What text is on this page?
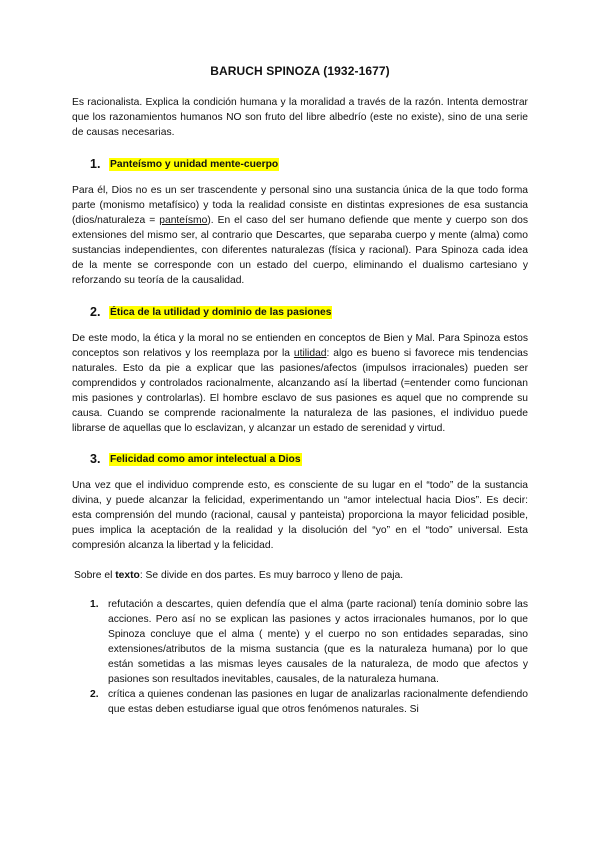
BARUCH SPINOZA (1932-1677)

Es racionalista. Explica la condición humana y la moralidad a través de la razón. Intenta demostrar que los razonamientos humanos NO son fruto del libre albedrío (este no existe), sino de una serie de causas necesarias.

1. Panteísmo y unidad mente-cuerpo

Para él, Dios no es un ser trascendente y personal sino una sustancia única de la que todo forma parte (monismo metafísico) y toda la realidad consiste en distintas expresiones de esa sustancia (dios/naturaleza = panteísmo). En el caso del ser humano defiende que mente y cuerpo son dos extensiones del mismo ser, al contrario que Descartes, que separaba cuerpo y mente (alma) como sustancias independientes, con diferentes naturalezas (física y racional). Para Spinoza cada idea de la mente se corresponde con un estado del cuerpo, eliminando el dualismo cartesiano y reforzando su teoría de la causalidad.

2. Ética de la utilidad y dominio de las pasiones

De este modo, la ética y la moral no se entienden en conceptos de Bien y Mal. Para Spinoza estos conceptos son relativos y los reemplaza por la utilidad: algo es bueno si favorece mis tendencias naturales. Esto da pie a explicar que las pasiones/afectos (impulsos irracionales) pueden ser comprendidos y controlados racionalmente, alcanzando así la libertad (=entender como funcionan mis pasiones y controlarlas). El hombre esclavo de sus pasiones es aquel que no comprende su causa. Cuando se comprende racionalmente la naturaleza de las pasiones, el individuo puede librarse de aquellas que lo esclavizan, y alcanzar un estado de serenidad y virtud.

3. Felicidad como amor intelectual a Dios

Una vez que el individuo comprende esto, es consciente de su lugar en el “todo” de la sustancia divina, y puede alcanzar la felicidad, experimentando un “amor intelectual hacia Dios”. Es decir: esta comprensión del mundo (racional, causal y panteista) proporciona la mayor felicidad posible, pues implica la aceptación de la realidad y la disolución del “yo” en el “todo” universal. Esta compresión alcanza la libertad y la felicidad.

Sobre el texto: Se divide en dos partes. Es muy barroco y lleno de paja.

1. refutación a descartes, quien defendía que el alma (parte racional) tenía dominio sobre las acciones. Pero así no se explican las pasiones y actos irracionales humanos, por lo que Spinoza concluye que el alma ( mente) y el cuerpo no son entidades separadas, sino extensiones/atributos de la misma sustancia (que es la naturaleza humana) por lo que están sometidas a las mismas leyes causales de la naturaleza, de modo que afectos y pasiones son resultados inevitables, causales, de la naturaleza humana.
2. crítica a quienes condenan las pasiones en lugar de analizarlas racionalmente defendiendo que estas deben estudiarse igual que otros fenómenos naturales. Si
